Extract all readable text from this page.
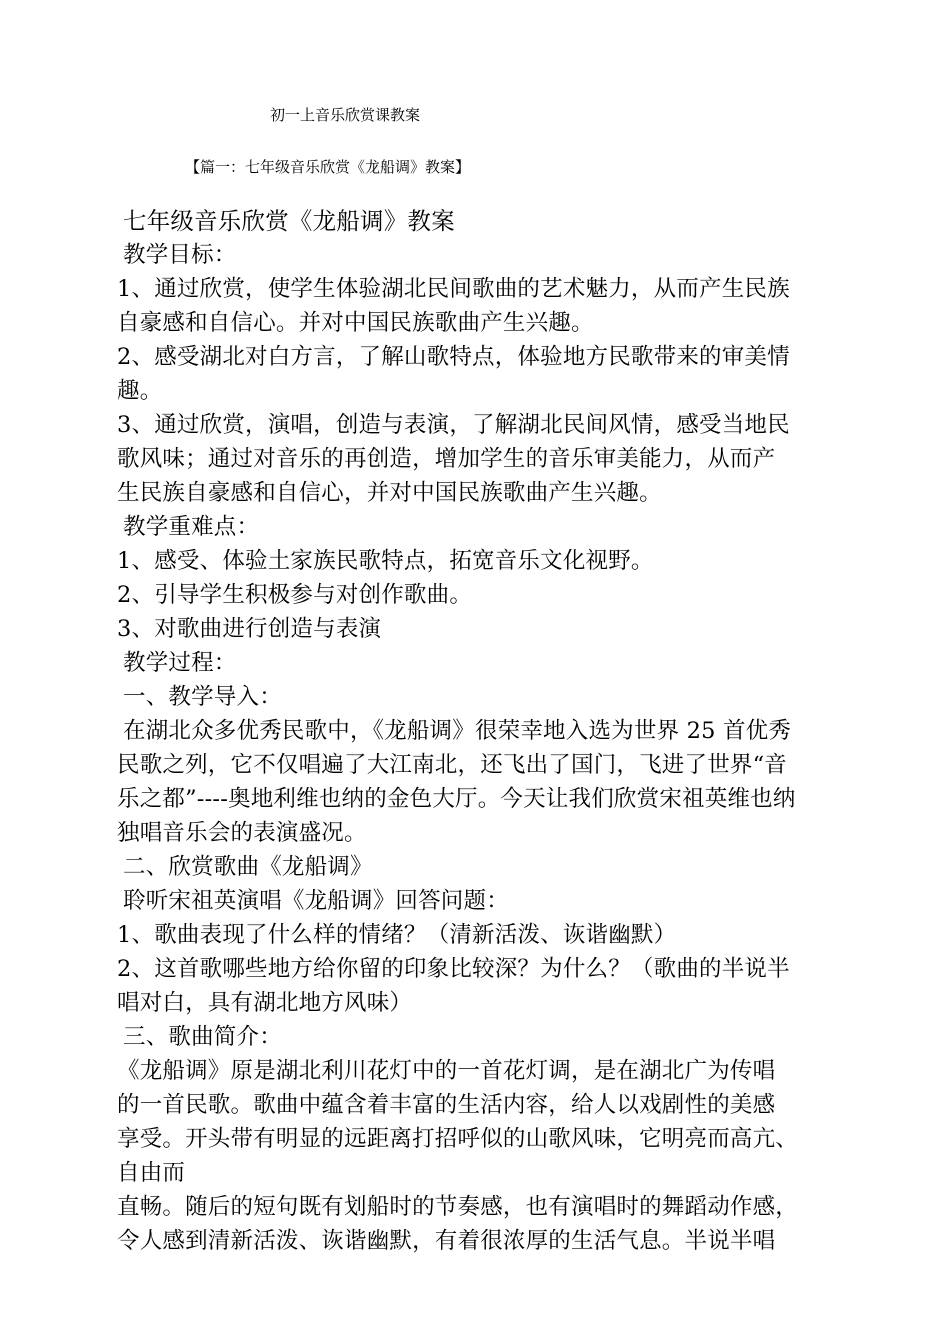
初一上音乐欣赏课教案
【篇一：七年级音乐欣赏《龙船调》教案】
七年级音乐欣赏《龙船调》教案
教学目标：
1、通过欣赏，使学生体验湖北民间歌曲的艺术魅力，从而产生民族
自豪感和自信心。并对中国民族歌曲产生兴趣。
2、感受湖北对白方言，了解山歌特点，体验地方民歌带来的审美情
趣。
3、通过欣赏，演唱，创造与表演，了解湖北民间风情，感受当地民
歌风味；通过对音乐的再创造，增加学生的音乐审美能力，从而产
生民族自豪感和自信心，并对中国民族歌曲产生兴趣。
教学重难点：
1、感受、体验土家族民歌特点，拓宽音乐文化视野。
2、引导学生积极参与对创作歌曲。
3、对歌曲进行创造与表演
教学过程：
一、教学导入：
在湖北众多优秀民歌中，《龙船调》很荣幸地入选为世界 25 首优秀
民歌之列，它不仅唱遍了大江南北，还飞出了国门，飞进了世界“音
乐之都”----奥地利维也纳的金色大厅。今天让我们欣赏宋祖英维也纳
独唱音乐会的表演盛况。
二、欣赏歌曲《龙船调》
聆听宋祖英演唱《龙船调》回答问题：
1、歌曲表现了什么样的情绪？（清新活泼、诙谐幽默）
2、这首歌哪些地方给你留的印象比较深？为什么？（歌曲的半说半
唱对白，具有湖北地方风味）
三、歌曲简介：
《龙船调》原是湖北利川花灯中的一首花灯调，是在湖北广为传唱
的一首民歌。歌曲中蕴含着丰富的生活内容，给人以戏剧性的美感
享受。开头带有明显的远距离打招呼似的山歌风味，它明亮而高亢、
自由而
直畅。随后的短句既有划船时的节奏感，也有演唱时的舞蹈动作感，
令人感到清新活泼、诙谐幽默，有着很浓厚的生活气息。半说半唱
